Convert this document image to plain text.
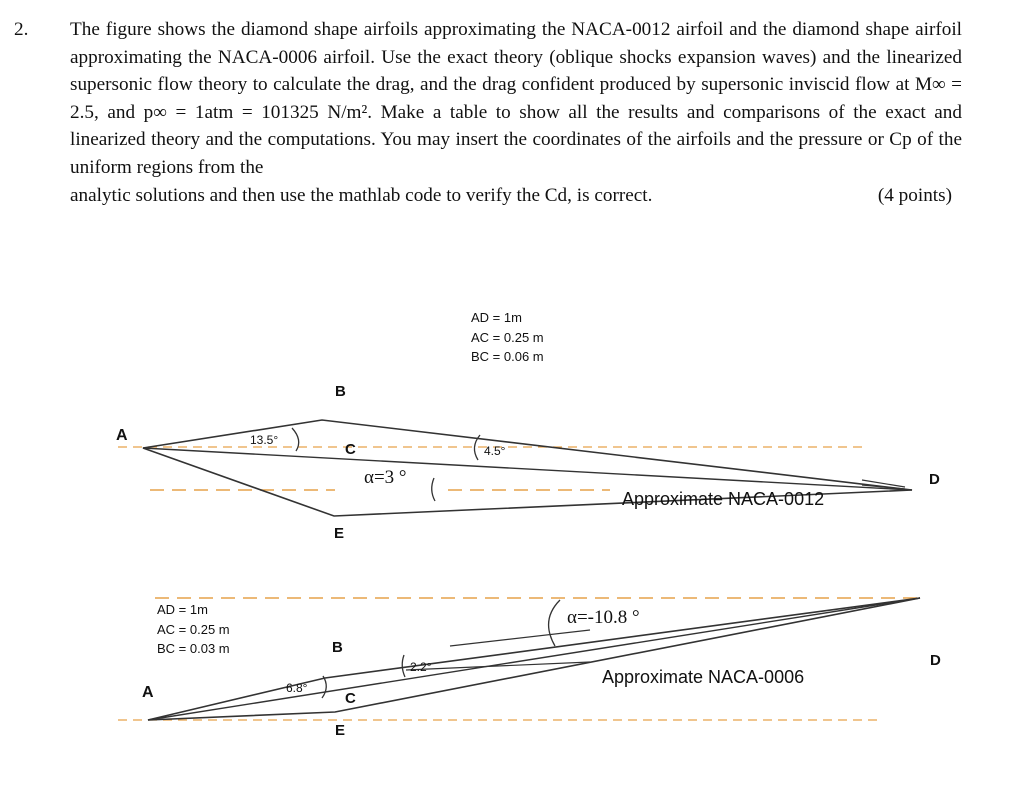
2. The figure shows the diamond shape airfoils approximating the NACA-0012 airfoil and the diamond shape airfoil approximating the NACA-0006 airfoil. Use the exact theory (oblique shocks expansion waves) and the linearized supersonic flow theory to calculate the drag, and the drag confident produced by supersonic inviscid flow at M∞ = 2.5, and p∞ = 1atm = 101325 N/m². Make a table to show all the results and comparisons of the exact and linearized theory and the computations. You may insert the coordinates of the airfoils and the pressure or Cp of the uniform regions from the
analytic solutions and then use the mathlab code to verify the Cd, is correct.	(4 points)
AD = 1m
AC = 0.25 m
BC = 0.06 m
A
B
C
D
E
13.5°
4.5°
α=3 °
Approximate NACA-0012
AD = 1m
AC = 0.25 m
BC = 0.03 m
A
B
C
D
E
6.8°
2.2°
α=-10.8 °
Approximate NACA-0006
